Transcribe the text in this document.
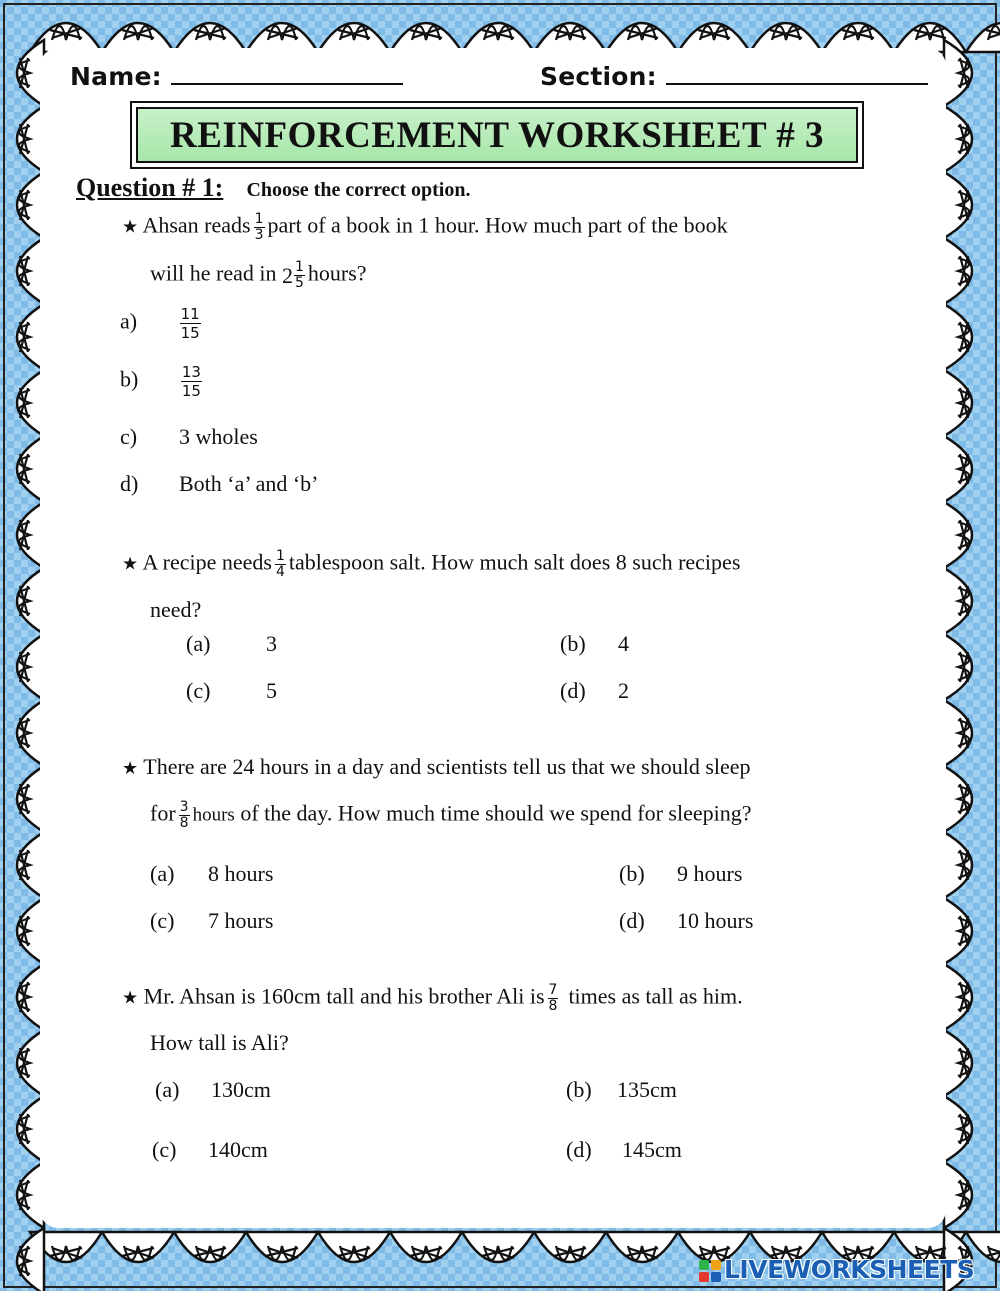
Name:	Section:
REINFORCEMENT WORKSHEET # 3
Question # 1: Choose the correct option.
★ Ahsan reads $\frac{1}{3}$ part of a book in 1 hour. How much part of the book
will he read in $2 \frac{1}{5}$ hours?
a)	$\frac{11}{15}$
b)	$\frac{13}{15}$
c) 3 wholes
d) Both ‘a’ and ‘b’
★ A recipe needs $\frac{1}{4}$ tablespoon salt. How much salt does 8 such recipes
need?
(a)	3	(b) 4
(c)	5	(d) 2
★ There are 24 hours in a day and scientists tell us that we should sleep
for $\frac{3}{8}$ hours of the day. How much time should we spend for sleeping?
(a) 8 hours	(b) 9 hours
(c) 7 hours	(d) 10 hours
★ Mr. Ahsan is 160cm tall and his brother Ali is $\frac{7}{8}$ times as tall as him.
How tall is Ali?
(a) 130cm	(b) 135cm
(c) 140cm	(d) 145cm
LIVEWORKSHEETS
